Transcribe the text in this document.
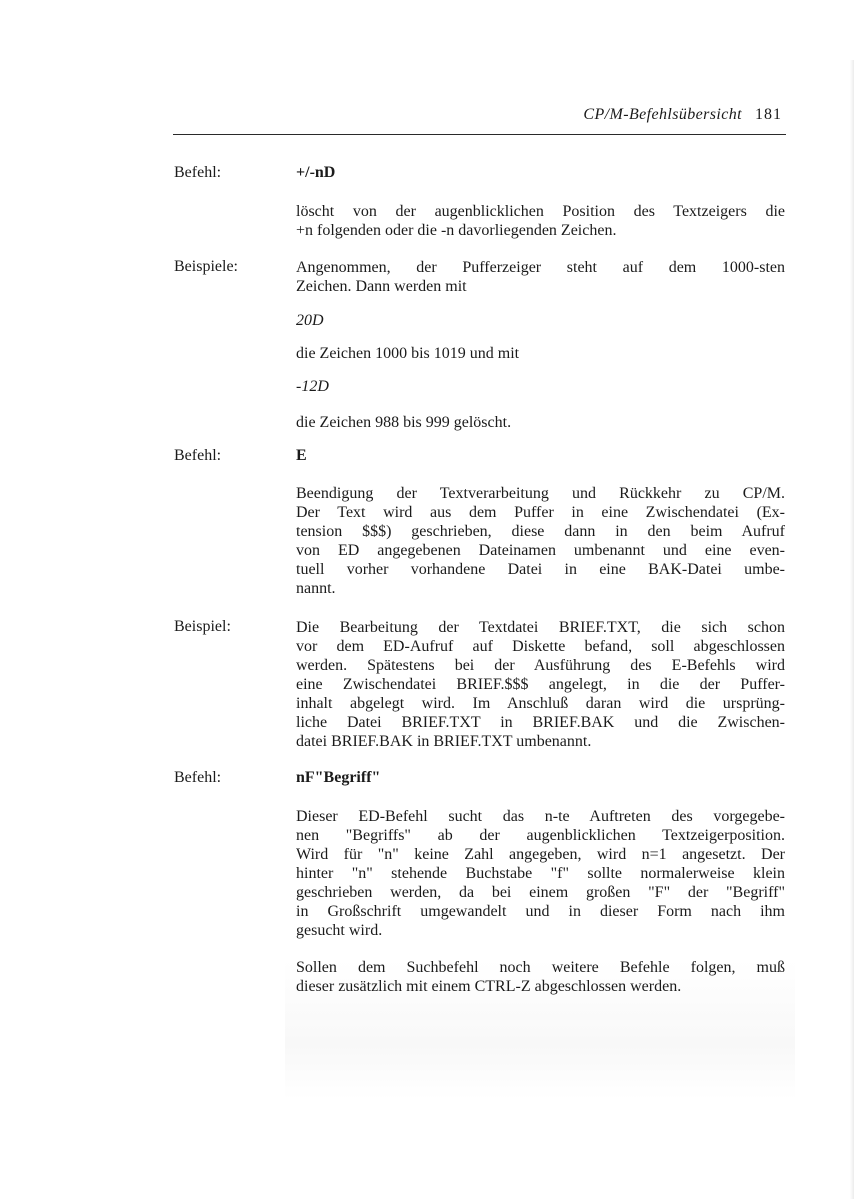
CP/M-Befehlsübersicht 181
Befehl:	+/-nD
löscht von der augenblicklichen Position des Textzeigers die
+n folgenden oder die -n davorliegenden Zeichen.
Beispiele:	Angenommen, der Pufferzeiger steht auf dem 1000-sten
Zeichen. Dann werden mit
20D
die Zeichen 1000 bis 1019 und mit
-12D
die Zeichen 988 bis 999 gelöscht.
Befehl:	E
Beendigung der Textverarbeitung und Rückkehr zu CP/M.
Der Text wird aus dem Puffer in eine Zwischendatei (Ex-
tension $$$) geschrieben, diese dann in den beim Aufruf
von ED angegebenen Dateinamen umbenannt und eine even-
tuell vorher vorhandene Datei in eine BAK-Datei umbe-
nannt.
Beispiel:	Die Bearbeitung der Textdatei BRIEF.TXT, die sich schon
vor dem ED-Aufruf auf Diskette befand, soll abgeschlossen
werden. Spätestens bei der Ausführung des E-Befehls wird
eine Zwischendatei BRIEF.$$$ angelegt, in die der Puffer-
inhalt abgelegt wird. Im Anschluß daran wird die ursprüng-
liche Datei BRIEF.TXT in BRIEF.BAK und die Zwischen-
datei BRIEF.BAK in BRIEF.TXT umbenannt.
Befehl:	nF"Begriff"
Dieser ED-Befehl sucht das n-te Auftreten des vorgegebe-
nen "Begriffs" ab der augenblicklichen Textzeigerposition.
Wird für "n" keine Zahl angegeben, wird n=1 angesetzt. Der
hinter "n" stehende Buchstabe "f" sollte normalerweise klein
geschrieben werden, da bei einem großen "F" der "Begriff"
in Großschrift umgewandelt und in dieser Form nach ihm
gesucht wird.
Sollen dem Suchbefehl noch weitere Befehle folgen, muß
dieser zusätzlich mit einem CTRL-Z abgeschlossen werden.
